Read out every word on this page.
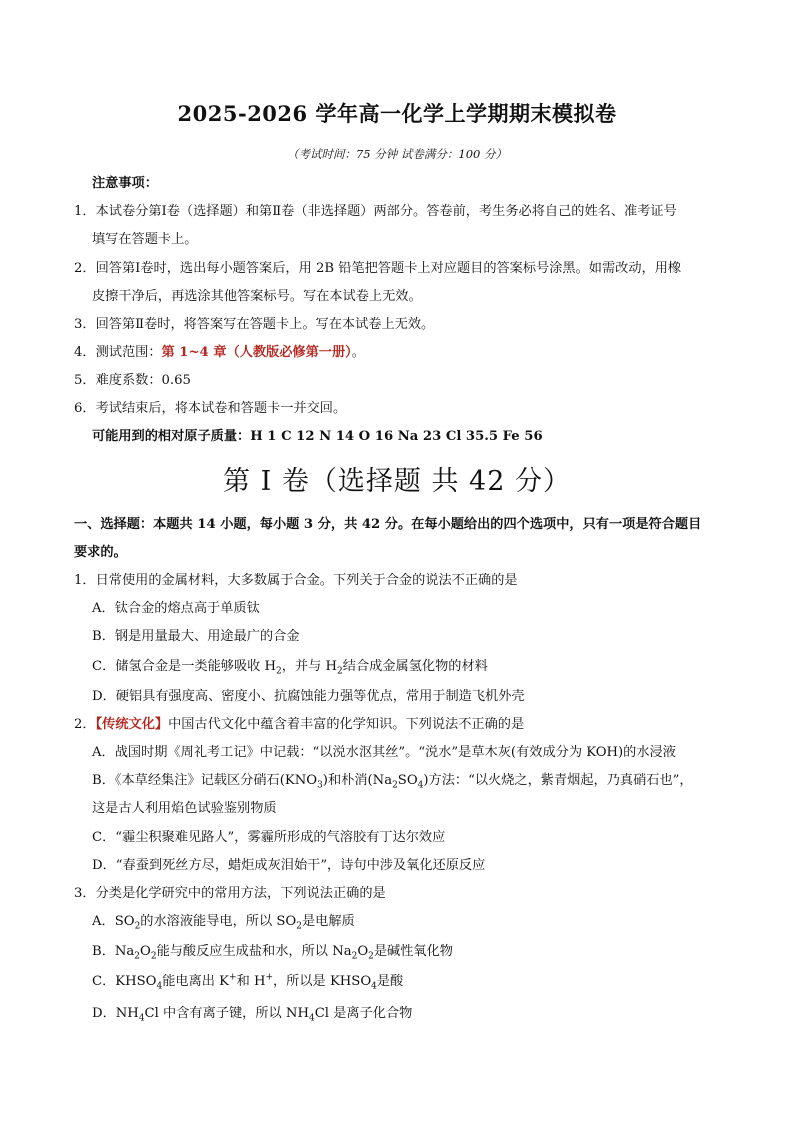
2025-2026 学年高一化学上学期期末模拟卷
（考试时间：75 分钟 试卷满分：100 分）
注意事项：
1．本试卷分第Ⅰ卷（选择题）和第Ⅱ卷（非选择题）两部分。答卷前，考生务必将自己的姓名、准考证号
填写在答题卡上。
2．回答第Ⅰ卷时，选出每小题答案后，用 2B 铅笔把答题卡上对应题目的答案标号涂黑。如需改动，用橡
皮擦干净后，再选涂其他答案标号。写在本试卷上无效。
3．回答第Ⅱ卷时，将答案写在答题卡上。写在本试卷上无效。
4．测试范围：第 1~4 章（人教版必修第一册）。
5．难度系数：0.65
6．考试结束后，将本试卷和答题卡一并交回。
可能用到的相对原子质量：H 1 C 12 N 14 O 16 Na 23 Cl 35.5 Fe 56
第 I 卷（选择题 共 42 分）
一、选择题：本题共 14 小题，每小题 3 分，共 42 分。在每小题给出的四个选项中，只有一项是符合题目
要求的。
1．日常使用的金属材料，大多数属于合金。下列关于合金的说法不正确的是
A．钛合金的熔点高于单质钛
B．钢是用量最大、用途最广的合金
C．储氢合金是一类能够吸收 $H_2$，并与 $H_2$结合成金属氢化物的材料
D．硬铝具有强度高、密度小、抗腐蚀能力强等优点，常用于制造飞机外壳
2．【传统文化】中国古代文化中蕴含着丰富的化学知识。下列说法不正确的是
A．战国时期《周礼考工记》中记载：“以涚水沤其丝”。“涚水”是草木灰(有效成分为 KOH)的水浸液
B．《本草经集注》记载区分硝石$(KNO_3)$和朴消$(Na_2SO_4)$方法：“以火烧之，紫青烟起，乃真硝石也”，
这是古人利用焰色试验鉴别物质
C．“霾尘积聚难见路人”，雾霾所形成的气溶胶有丁达尔效应
D．“春蚕到死丝方尽，蜡炬成灰泪始干”，诗句中涉及氧化还原反应
3．分类是化学研究中的常用方法，下列说法正确的是
A．$SO_2$的水溶液能导电，所以 $SO_2$是电解质
B．$Na_2O_2$能与酸反应生成盐和水，所以 $Na_2O_2$是碱性氧化物
C．$KHSO_4$能电离出 K+和 H+，所以是 $KHSO_4$是酸
D．$NH_4Cl$ 中含有离子键，所以 $NH_4Cl$ 是离子化合物
